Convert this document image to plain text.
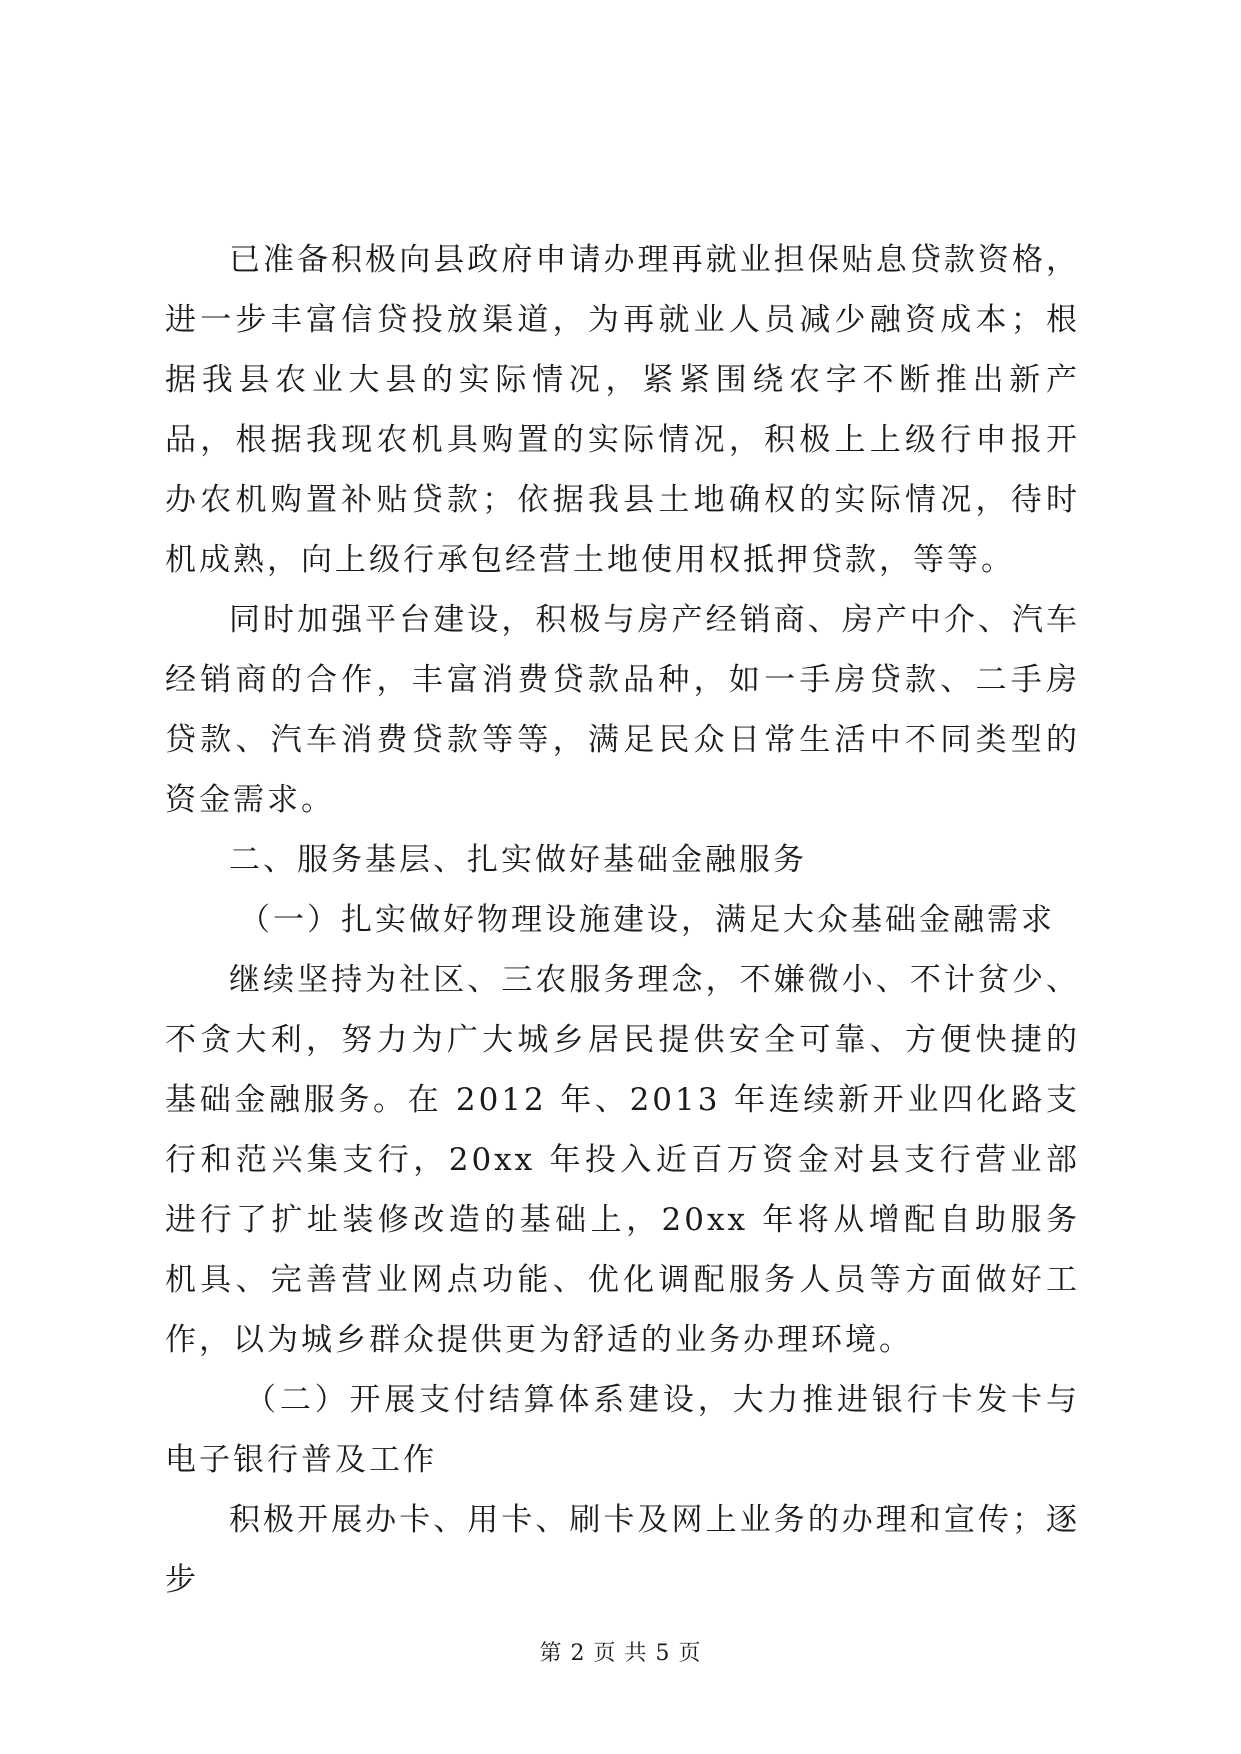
已准备积极向县政府申请办理再就业担保贴息贷款资格，进一步丰富信贷投放渠道，为再就业人员减少融资成本；根据我县农业大县的实际情况，紧紧围绕农字不断推出新产品，根据我现农机具购置的实际情况，积极上上级行申报开办农机购置补贴贷款；依据我县土地确权的实际情况，待时机成熟，向上级行承包经营土地使用权抵押贷款，等等。

同时加强平台建设，积极与房产经销商、房产中介、汽车经销商的合作，丰富消费贷款品种，如一手房贷款、二手房贷款、汽车消费贷款等等，满足民众日常生活中不同类型的资金需求。

二、服务基层、扎实做好基础金融服务

（一）扎实做好物理设施建设，满足大众基础金融需求

继续坚持为社区、三农服务理念，不嫌微小、不计贫少、不贪大利，努力为广大城乡居民提供安全可靠、方便快捷的基础金融服务。在 2012 年、2013 年连续新开业四化路支行和范兴集支行，20xx 年投入近百万资金对县支行营业部进行了扩址装修改造的基础上，20xx 年将从增配自助服务机具、完善营业网点功能、优化调配服务人员等方面做好工作，以为城乡群众提供更为舒适的业务办理环境。

（二）开展支付结算体系建设，大力推进银行卡发卡与电子银行普及工作

积极开展办卡、用卡、刷卡及网上业务的办理和宣传；逐步

第 2 页 共 5 页
